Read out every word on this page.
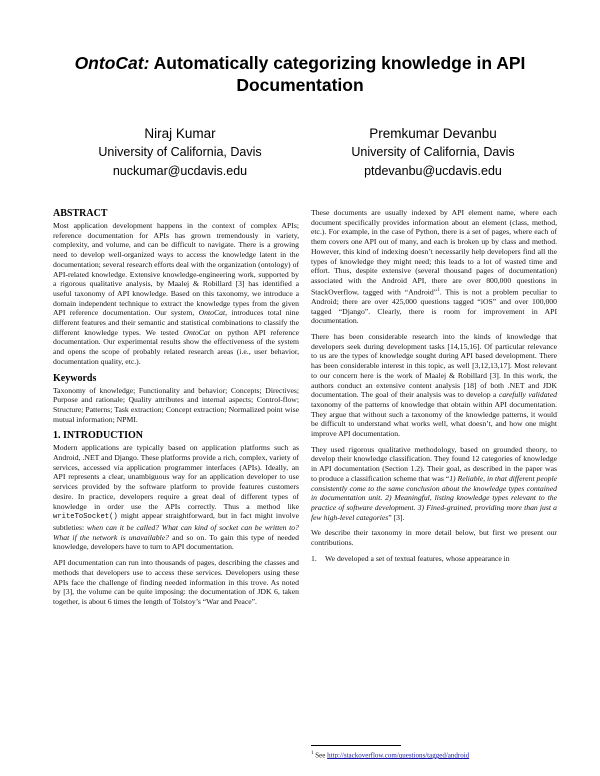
OntoCat: Automatically categorizing knowledge in API Documentation
Niraj Kumar
University of California, Davis
nuckumar@ucdavis.edu
Premkumar Devanbu
University of California, Davis
ptdevanbu@ucdavis.edu
ABSTRACT

Most application development happens in the context of complex APIs; reference documentation for APIs has grown tremendously in variety, complexity, and volume, and can be difficult to navigate. There is a growing need to develop well-organized ways to access the knowledge latent in the documentation; several research efforts deal with the organization (ontology) of API-related knowledge. Extensive knowledge-engineering work, supported by a rigorous qualitative analysis, by Maalej & Robillard [3] has identified a useful taxonomy of API knowledge. Based on this taxonomy, we introduce a domain independent technique to extract the knowledge types from the given API reference documentation. Our system, OntoCat, introduces total nine different features and their semantic and statistical combinations to classify the different knowledge types. We tested OntoCat on python API reference documentation. Our experimental results show the effectiveness of the system and opens the scope of probably related research areas (i.e., user behavior, documentation quality, etc.).

Keywords

Taxonomy of knowledge; Functionality and behavior; Concepts; Directives; Purpose and rationale; Quality attributes and internal aspects; Control-flow; Structure; Patterns; Task extraction; Concept extraction; Normalized point wise mutual information; NPMI.

1. INTRODUCTION

Modern applications are typically based on application platforms such as Android, .NET and Django. These platforms provide a rich, complex, variety of services, accessed via application programmer interfaces (APIs). Ideally, an API represents a clear, unambiguous way for an application developer to use services provided by the software platform to provide features customers desire. In practice, developers require a great deal of different types of knowledge in order use the APIs correctly. Thus a method like writeToSocket() might appear straightforward, but in fact might involve subtleties: when can it be called? What can kind of socket can be written to? What if the network is unavailable? and so on. To gain this type of needed knowledge, developers have to turn to API documentation.

API documentation can run into thousands of pages, describing the classes and methods that developers use to access these services. Developers using these APIs face the challenge of finding needed information in this trove. As noted by [3], the volume can be quite imposing: the documentation of JDK 6, taken together, is about 6 times the length of Tolstoy’s “War and Peace”.

These documents are usually indexed by API element name, where each document specifically provides information about an element (class, method, etc.). For example, in the case of Python, there is a set of pages, where each of them covers one API out of many, and each is broken up by class and method. However, this kind of indexing doesn’t necessarily help developers find all the types of knowledge they might need; this leads to a lot of wasted time and effort. Thus, despite extensive (several thousand pages of documentation) associated with the Android API, there are over 800,000 questions in StackOverflow, tagged with “Android”$^1$. This is not a problem peculiar to Android; there are over 425,000 questions tagged “iOS” and over 100,000 tagged “Django”. Clearly, there is room for improvement in API documentation.

There has been considerable research into the kinds of knowledge that developers seek during development tasks [14,15,16]. Of particular relevance to us are the types of knowledge sought during API based development. There has been considerable interest in this topic, as well [3,12,13,17]. Most relevant to our concern here is the work of Maalej & Robillard [3]. In this work, the authors conduct an extensive content analysis [18] of both .NET and JDK documentation. The goal of their analysis was to develop a carefully validated taxonomy of the patterns of knowledge that obtain within API documentation. They argue that without such a taxonomy of the knowledge patterns, it would be difficult to understand what works well, what doesn’t, and how one might improve API documentation.

They used rigorous qualitative methodology, based on grounded theory, to develop their knowledge classification. They found 12 categories of knowledge in API documentation (Section 1.2). Their goal, as described in the paper was to produce a classification scheme that was “1) Reliable, in that different people consistently come to the same conclusion about the knowledge types contained in documentation unit. 2) Meaningful, listing knowledge types relevant to the practice of software development. 3) Fined-grained, providing more than just a few high-level categories” [3].

We describe their taxonomy in more detail below, but first we present our contributions.

1.	We developed a set of textual features, whose appearance in
$^1$ See http://stackoverflow.com/questions/tagged/android
